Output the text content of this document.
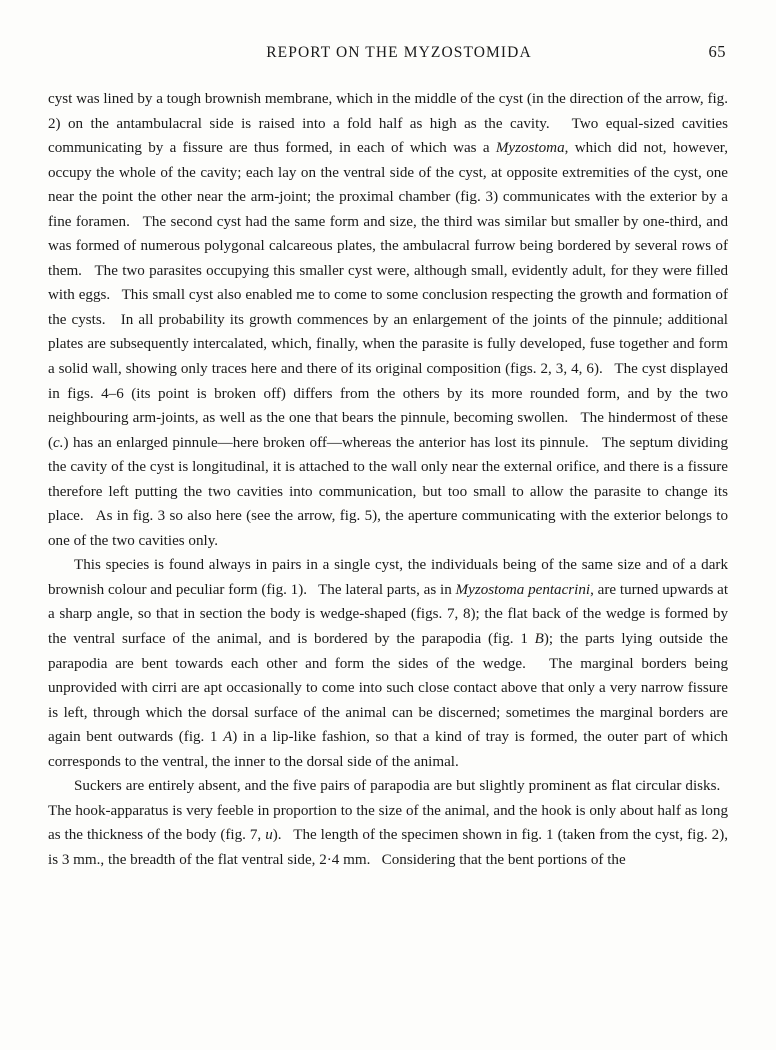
REPORT ON THE MYZOSTOMIDA	65

cyst was lined by a tough brownish membrane, which in the middle of the cyst (in the direction of the arrow, fig. 2) on the antambulacral side is raised into a fold half as high as the cavity.   Two equal-sized cavities communicating by a fissure are thus formed, in each of which was a Myzostoma, which did not, however, occupy the whole of the cavity; each lay on the ventral side of the cyst, at opposite extremities of the cyst, one near the point the other near the arm-joint; the proximal chamber (fig. 3) communicates with the exterior by a fine foramen.   The second cyst had the same form and size, the third was similar but smaller by one-third, and was formed of numerous polygonal calcareous plates, the ambulacral furrow being bordered by several rows of them.   The two parasites occupying this smaller cyst were, although small, evidently adult, for they were filled with eggs.   This small cyst also enabled me to come to some conclusion respecting the growth and formation of the cysts.   In all probability its growth commences by an enlargement of the joints of the pinnule; additional plates are subsequently intercalated, which, finally, when the parasite is fully developed, fuse together and form a solid wall, showing only traces here and there of its original composition (figs. 2, 3, 4, 6).   The cyst displayed in figs. 4–6 (its point is broken off) differs from the others by its more rounded form, and by the two neighbouring arm-joints, as well as the one that bears the pinnule, becoming swollen.   The hindermost of these (c.) has an enlarged pinnule—here broken off—whereas the anterior has lost its pinnule.   The septum dividing the cavity of the cyst is longitudinal, it is attached to the wall only near the external orifice, and there is a fissure therefore left putting the two cavities into communication, but too small to allow the parasite to change its place.   As in fig. 3 so also here (see the arrow, fig. 5), the aperture communicating with the exterior belongs to one of the two cavities only.

This species is found always in pairs in a single cyst, the individuals being of the same size and of a dark brownish colour and peculiar form (fig. 1).   The lateral parts, as in Myzostoma pentacrini, are turned upwards at a sharp angle, so that in section the body is wedge-shaped (figs. 7, 8); the flat back of the wedge is formed by the ventral surface of the animal, and is bordered by the parapodia (fig. 1 B); the parts lying outside the parapodia are bent towards each other and form the sides of the wedge.   The marginal borders being unprovided with cirri are apt occasionally to come into such close contact above that only a very narrow fissure is left, through which the dorsal surface of the animal can be discerned; sometimes the marginal borders are again bent outwards (fig. 1 A) in a lip-like fashion, so that a kind of tray is formed, the outer part of which corresponds to the ventral, the inner to the dorsal side of the animal.

Suckers are entirely absent, and the five pairs of parapodia are but slightly prominent as flat circular disks.   The hook-apparatus is very feeble in proportion to the size of the animal, and the hook is only about half as long as the thickness of the body (fig. 7, u).   The length of the specimen shown in fig. 1 (taken from the cyst, fig. 2), is 3 mm., the breadth of the flat ventral side, 2·4 mm.   Considering that the bent portions of the
